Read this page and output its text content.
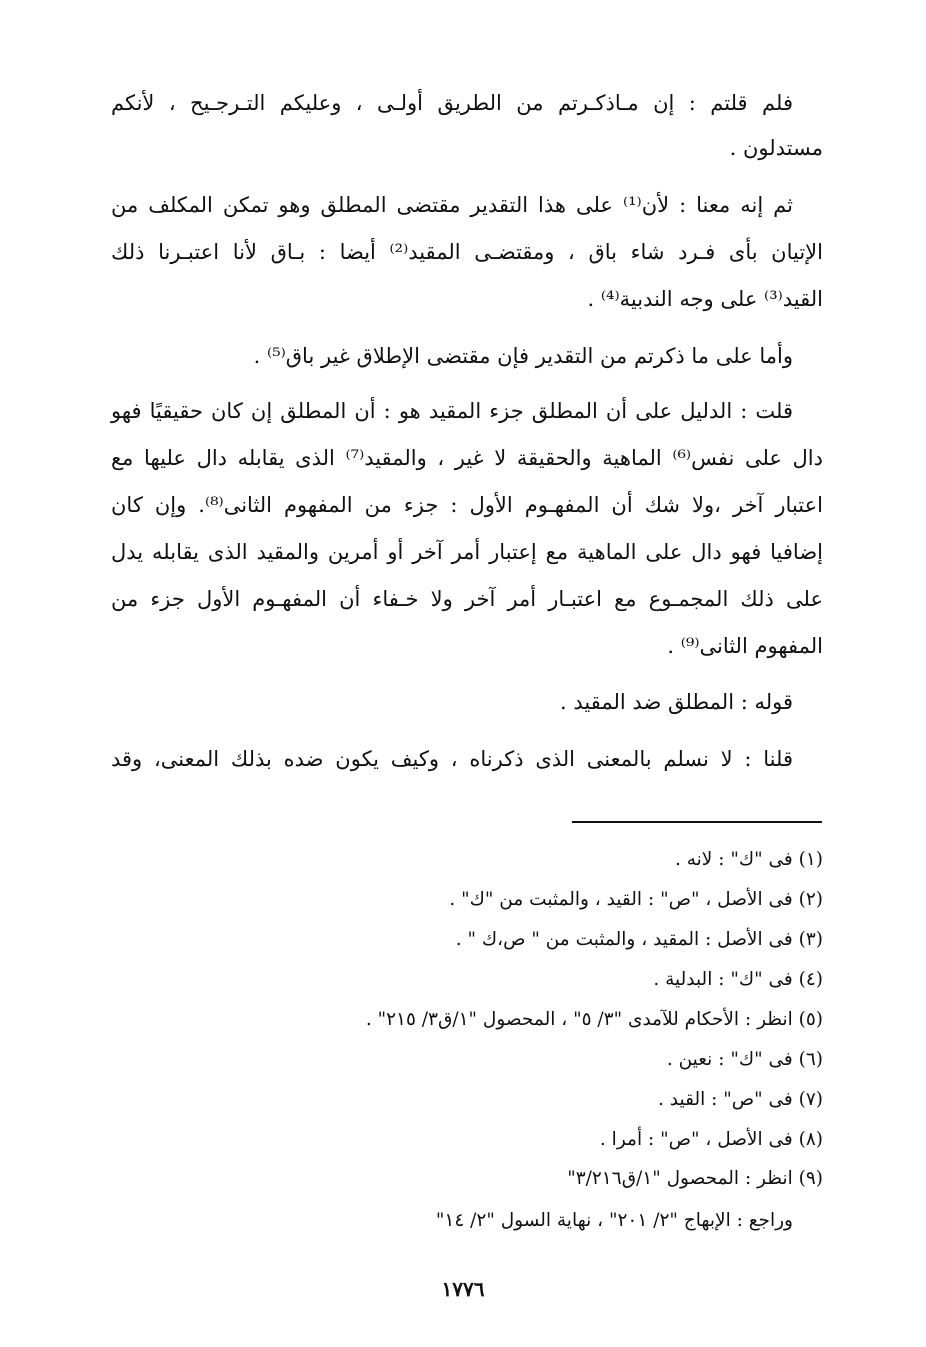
فلم قلتم : إن مـاذكـرتم من الطريق أولـى ، وعليكم التـرجـيح ، لأنكم
مستدلون .
ثم إنه معنا : لأن⁽¹⁾ على هذا التقدير مقتضى المطلق وهو تمكن المكلف من
الإتيان بأى فـرد شاء باق ، ومقتضـى المقيد⁽²⁾ أيضا : بـاق لأنا اعتبـرنا ذلك
القيد⁽³⁾ على وجه الندبية⁽⁴⁾ .
وأما على ما ذكرتم من التقدير فإن مقتضى الإطلاق غير باق⁽⁵⁾ .
قلت : الدليل على أن المطلق جزء المقيد هو : أن المطلق إن كان حقيقيًا فهو
دال على نفس⁽⁶⁾ الماهية والحقيقة لا غير ، والمقيد⁽⁷⁾ الذى يقابله دال عليها مع
اعتبار آخر ،ولا شك أن المفهـوم الأول : جزء من المفهوم الثانى⁽⁸⁾. وإن كان
إضافيا فهو دال على الماهية مع إعتبار أمر آخر أو أمرين والمقيد الذى يقابله يدل
على ذلك المجمـوع مع اعتبـار أمر آخر ولا خـفاء أن المفهـوم الأول جزء من
المفهوم الثانى⁽⁹⁾ .
قوله : المطلق ضد المقيد .
قلنا : لا نسلم بالمعنى الذى ذكرناه ، وكيف يكون ضده بذلك المعنى، وقد
(١) فى "ك" : لانه .
(٢) فى الأصل ، "ص" : القيد ، والمثبت من "ك" .
(٣) فى الأصل : المقيد ، والمثبت من " ص،ك " .
(٤) فى "ك" : البدلية .
(٥) انظر : الأحكام للآمدى "٣/ ٥" ، المحصول "١/ق٣/ ٢١٥" .
(٦) فى "ك" : نعين .
(٧) فى "ص" : القيد .
(٨) فى الأصل ، "ص" : أمرا .
(٩) انظر : المحصول "١/ق٣/٢١٦"
وراجع : الإبهاج "٢/ ٢٠١" ، نهاية السول "٢/ ١٤"
١٧٧٦
